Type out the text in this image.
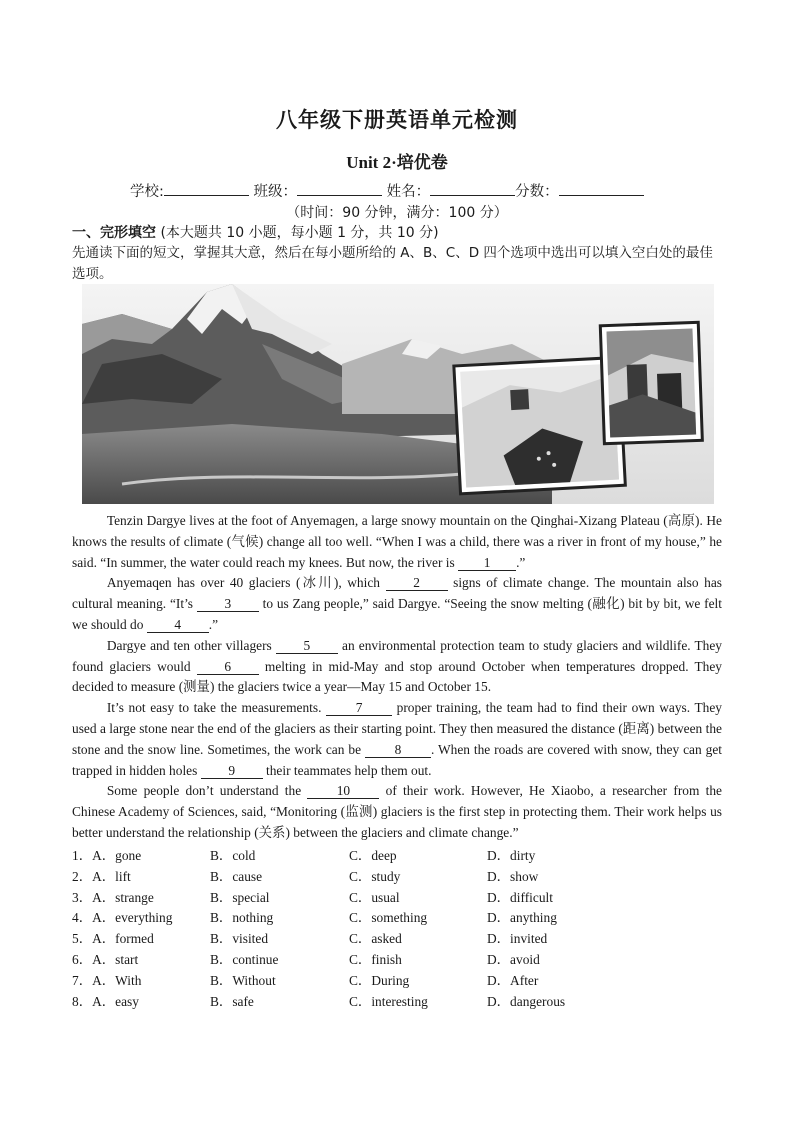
八年级下册英语单元检测
Unit 2·培优卷
学校:	班级：	姓名：	分数：
（时间：90 分钟，满分：100 分）
一、完形填空 (本大题共 10 小题，每小题 1 分，共 10 分)
先通读下面的短文，掌握其大意，然后在每小题所给的 A、B、C、D 四个选项中选出可以填入空白处的最佳选项。

Tenzin Dargye lives at the foot of Anyemagen, a large snowy mountain on the Qinghai-Xizang Plateau (高原). He knows the results of climate (气候) change all too well. “When I was a child, there was a river in front of my house,” he said. “In summer, the water could reach my knees. But now, the river is 1 .”

Anyemaqen has over 40 glaciers (冰川), which 2 signs of climate change. The mountain also has cultural meaning. “It’s 3 to us Zang people,” said Dargye. “Seeing the snow melting (融化) bit by bit, we felt we should do 4 .”

Dargye and ten other villagers 5 an environmental protection team to study glaciers and wildlife. They found glaciers would 6 melting in mid-May and stop around October when temperatures dropped. They decided to measure (测量) the glaciers twice a year—May 15 and October 15.

It’s not easy to take the measurements. 7 proper training, the team had to find their own ways. They used a large stone near the end of the glaciers as their starting point. They then measured the distance (距离) between the stone and the snow line. Sometimes, the work can be 8 . When the roads are covered with snow, they can get trapped in hidden holes 9 their teammates help them out.

Some people don’t understand the 10 of their work. However, He Xiaobo, a researcher from the Chinese Academy of Sciences, said, “Monitoring (监测) glaciers is the first step in protecting them. Their work helps us better understand the relationship (关系) between the glaciers and climate change.”

1．A．gone	B．cold	C．deep	D．dirty
2．A．lift	B．cause	C．study	D．show
3．A．strange	B．special	C．usual	D．difficult
4．A．everything	B．nothing	C．something	D．anything
5．A．formed	B．visited	C．asked	D．invited
6．A．start	B．continue	C．finish	D．avoid
7．A．With	B．Without	C．During	D．After
8．A．easy	B．safe	C．interesting	D．dangerous
